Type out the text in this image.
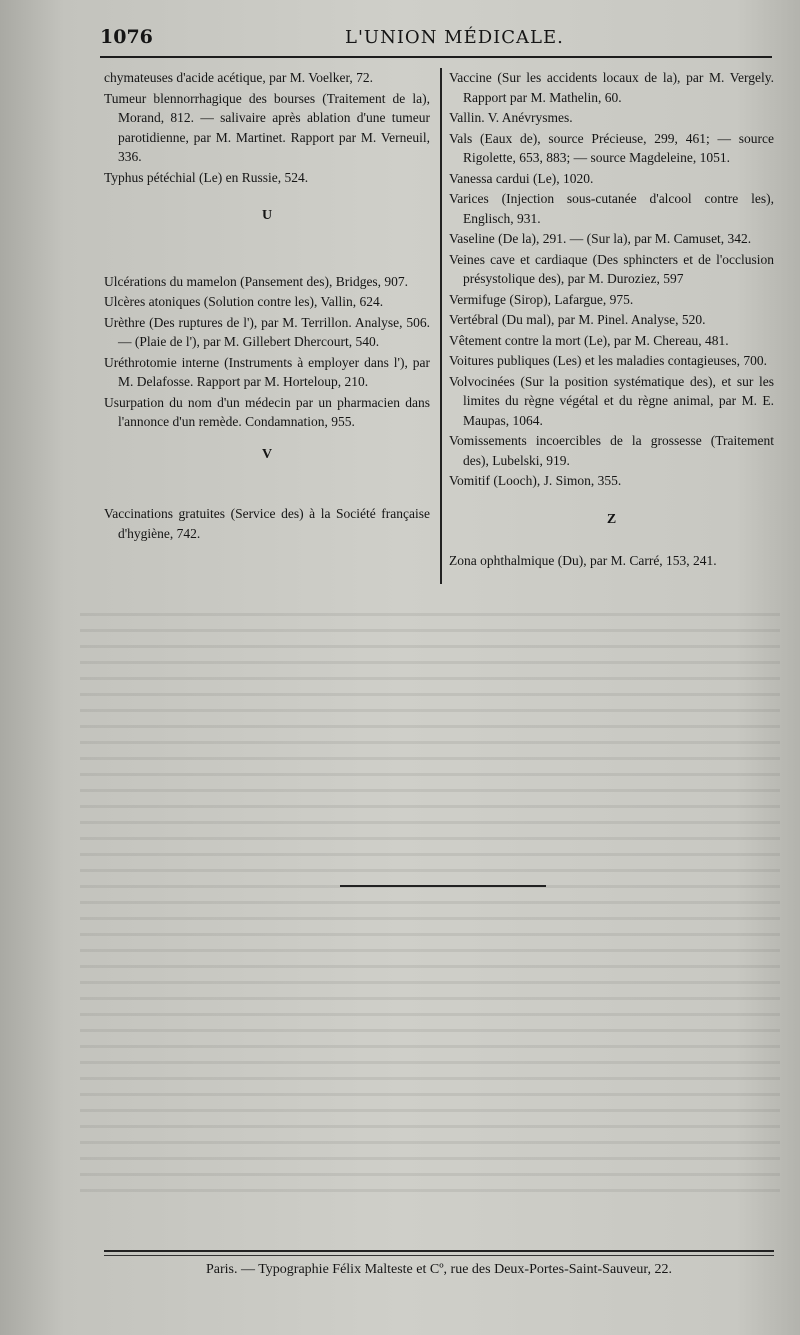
1076	L'UNION MÉDICALE.

chymateuses d'acide acétique, par M. Voelker, 72.

Tumeur blennorrhagique des bourses (Traitement de la), Morand, 812. — salivaire après ablation d'une tumeur parotidienne, par M. Martinet. Rapport par M. Verneuil, 336.

Typhus pétéchial (Le) en Russie, 524.

U

Ulcérations du mamelon (Pansement des), Bridges, 907.

Ulcères atoniques (Solution contre les), Vallin, 624.

Urèthre (Des ruptures de l'), par M. Terrillon. Analyse, 506. — (Plaie de l'), par M. Gillebert Dhercourt, 540.

Uréthrotomie interne (Instruments à employer dans l'), par M. Delafosse. Rapport par M. Horteloup, 210.

Usurpation du nom d'un médecin par un pharmacien dans l'annonce d'un remède. Condamnation, 955.

V

Vaccinations gratuites (Service des) à la Société française d'hygiène, 742.

Vaccine (Sur les accidents locaux de la), par M. Vergely. Rapport par M. Mathelin, 60.

Vallin. V. Anévrysmes.

Vals (Eaux de), source Précieuse, 299, 461; — source Rigolette, 653, 883; — source Magdeleine, 1051.

Vanessa cardui (Le), 1020.

Varices (Injection sous-cutanée d'alcool contre les), Englisch, 931.

Vaseline (De la), 291. — (Sur la), par M. Camuset, 342.

Veines cave et cardiaque (Des sphincters et de l'occlusion présystolique des), par M. Duroziez, 597

Vermifuge (Sirop), Lafargue, 975.

Vertébral (Du mal), par M. Pinel. Analyse, 520.

Vêtement contre la mort (Le), par M. Chereau, 481.

Voitures publiques (Les) et les maladies contagieuses, 700.

Volvocinées (Sur la position systématique des), et sur les limites du règne végétal et du règne animal, par M. E. Maupas, 1064.

Vomissements incoercibles de la grossesse (Traitement des), Lubelski, 919.

Vomitif (Looch), J. Simon, 355.

Z

Zona ophthalmique (Du), par M. Carré, 153, 241.

Paris. — Typographie Félix Malteste et Cº, rue des Deux-Portes-Saint-Sauveur, 22.
